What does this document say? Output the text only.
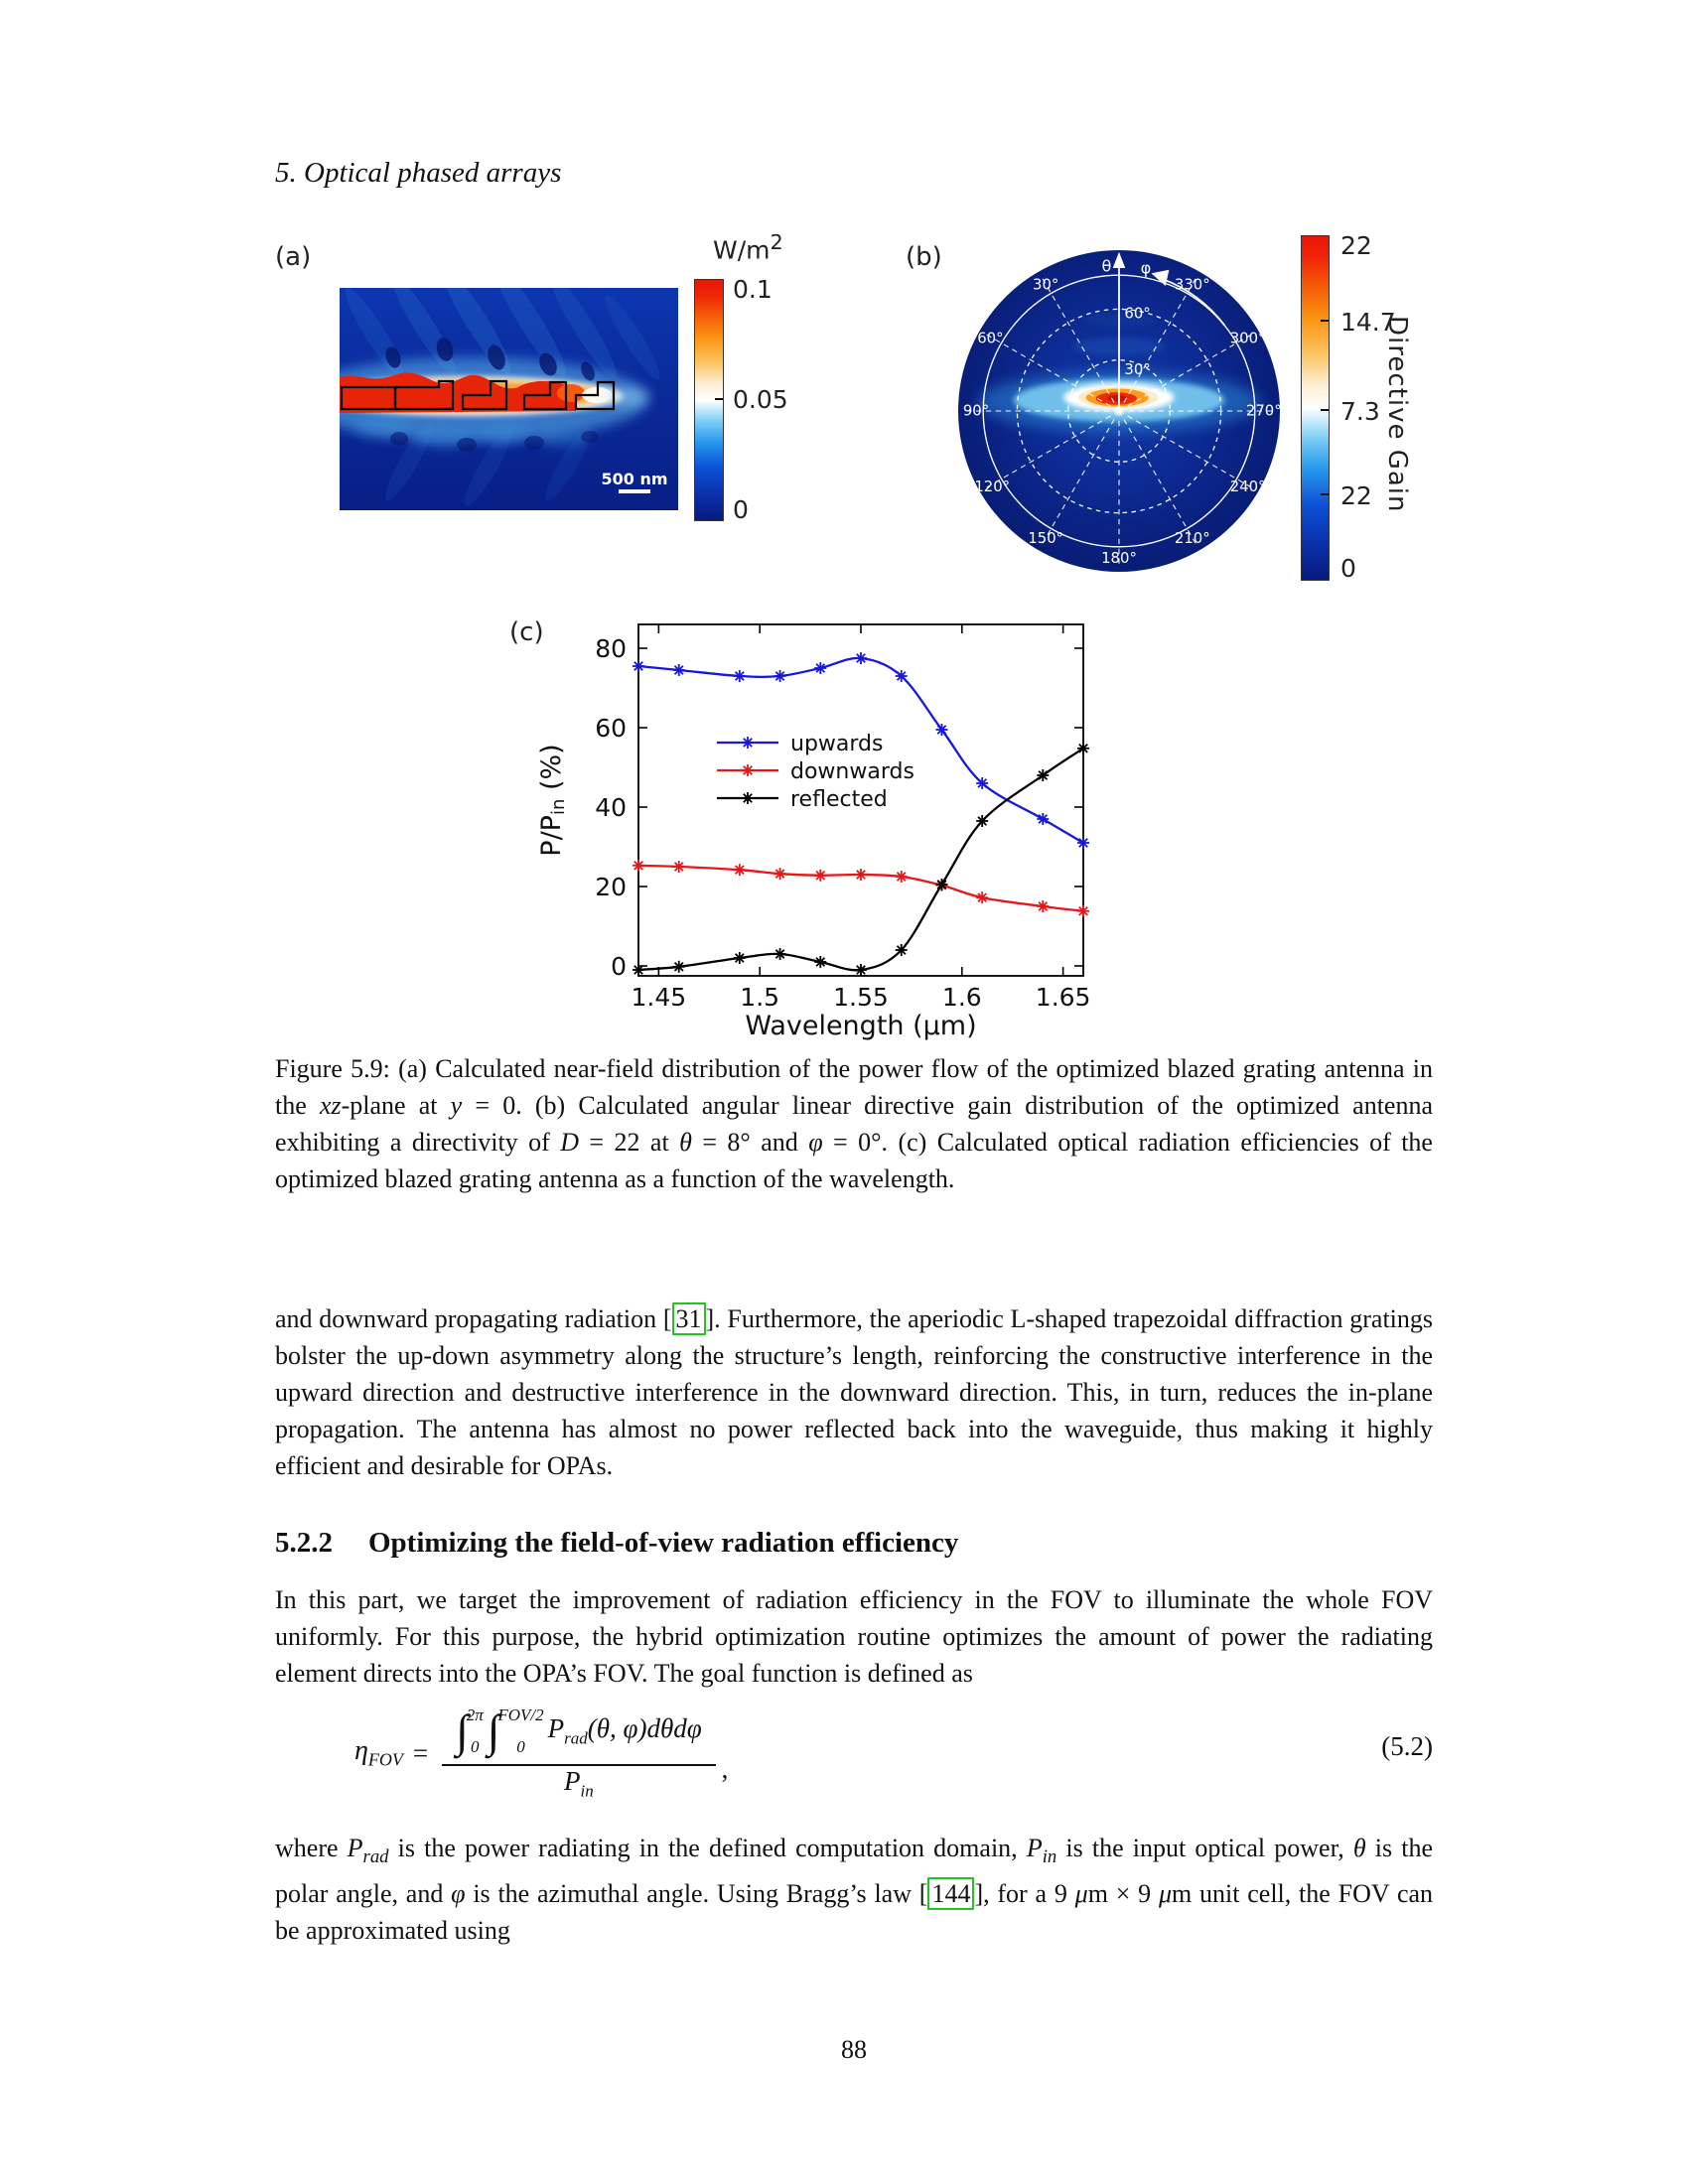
5. Optical phased arrays
(a)
500 nm
$W/m^2$
0.1
0.05
0
(b)	θ φ
30°
60°
90°
120°
150°
180°
210°
240°
270°
300°
330°
60°
30°
22
14.7
7.3
22
0
Directive Gain
(c)
P/Pin (%)
Wavelength (μm)
1.45 1.5 1.55 1.6 1.65
0
20
40
60
80
upwards
downwards
reflected
Figure 5.9: (a) Calculated near-field distribution of the power flow of the optimized blazed grating antenna in the xz-plane at y = 0. (b) Calculated angular linear directive gain distribution of the optimized antenna exhibiting a directivity of D = 22 at θ = 8° and φ = 0°. (c) Calculated optical radiation efficiencies of the optimized blazed grating antenna as a function of the wavelength.
and downward propagating radiation [ 31 ]. Furthermore, the aperiodic L-shaped trapezoidal diffraction gratings bolster the up-down asymmetry along the structure’s length, reinforcing the constructive interference in the upward direction and destructive interference in the downward direction. This, in turn, reduces the in-plane propagation. The antenna has almost no power reflected back into the waveguide, thus making it highly efficient and desirable for OPAs.
5.2.2 Optimizing the field-of-view radiation efficiency
In this part, we target the improvement of radiation efficiency in the FOV to illuminate the whole FOV uniformly. For this purpose, the hybrid optimization routine optimizes the amount of power the radiating element directs into the OPA’s FOV. The goal function is defined as
$\eta_{FOV}$ = ∫
2π
0 ∫
FOV/2
0
$P_{rad}(\theta$, φ)dθdφ
$P_{in}$
,
(5.2)
where $P_{rad}$ is the power radiating in the defined computation domain, $P_{in}$ is the input optical power, θ is the polar angle, and φ is the azimuthal angle. Using Bragg’s law [ 144 ], for a 9 μm × 9 μm unit cell, the FOV can be approximated using
88
